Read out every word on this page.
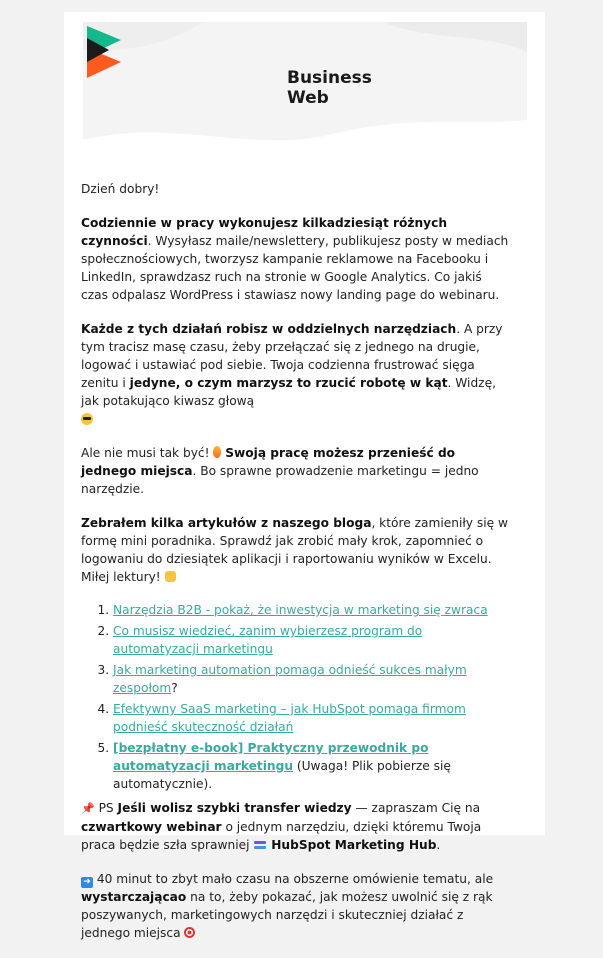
Business
Web

Dzień dobry!

Codziennie w pracy wykonujesz kilkadziesiąt różnych czynności. Wysyłasz maile/newslettery, publikujesz posty w mediach społecznościowych, tworzysz kampanie reklamowe na Facebooku i LinkedIn, sprawdzasz ruch na stronie w Google Analytics. Co jakiś czas odpalasz WordPress i stawiasz nowy landing page do webinaru.

Każde z tych działań robisz w oddzielnych narzędziach. A przy tym tracisz masę czasu, żeby przełączać się z jednego na drugie, logować i ustawiać pod siebie. Twoja codzienna frustrować sięga zenitu i jedyne, o czym marzysz to rzucić robotę w kąt. Widzę, jak potakująco kiwasz głową

Ale nie musi tak być!  Swoją pracę możesz przenieść do jednego miejsca. Bo sprawne prowadzenie marketingu = jedno narzędzie.

Zebrałem kilka artykułów z naszego bloga, które zamieniły się w formę mini poradnika. Sprawdź jak zrobić mały krok, zapomnieć o logowaniu do dziesiątek aplikacji i raportowaniu wyników w Excelu. Miłej lektury!

1. Narzędzia B2B - pokaż, że inwestycja w marketing się zwraca
2. Co musisz wiedzieć, zanim wybierzesz program do automatyzacji marketingu
3. Jak marketing automation pomaga odnieść sukces małym zespołom?
4. Efektywny SaaS marketing – jak HubSpot pomaga firmom podnieść skuteczność działań
5. [bezpłatny e-book] Praktyczny przewodnik po automatyzacji marketingu (Uwaga! Plik pobierze się automatycznie).

📌 PS Jeśli wolisz szybki transfer wiedzy — zapraszam Cię na czwartkowy webinar o jednym narzędziu, dzięki któremu Twoja praca będzie szła sprawniej  HubSpot Marketing Hub.

➜ 40 minut to zbyt mało czasu na obszerne omówienie tematu, ale wystarczającao na to, żeby pokazać, jak możesz uwolnić się z rąk poszywanych, marketingowych narzędzi i skuteczniej działać z jednego miejsca
